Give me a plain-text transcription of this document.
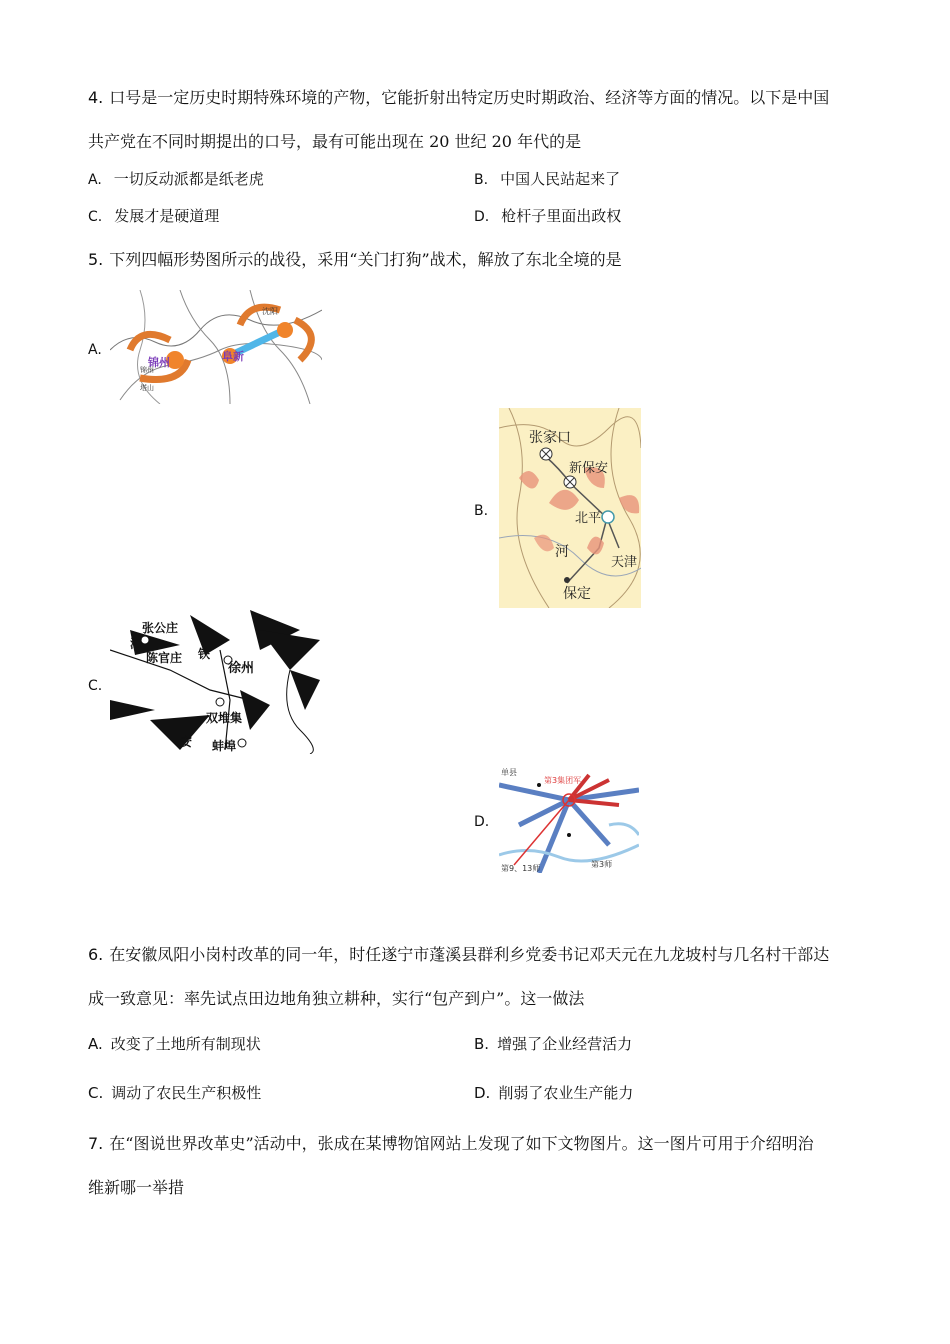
4. 口号是一定历史时期特殊环境的产物，它能折射出特定历史时期政治、经济等方面的情况。以下是中国
共产党在不同时期提出的口号，最有可能出现在 20 世纪 20 年代的是
A. 一切反动派都是纸老虎	B. 中国人民站起来了
C. 发展才是硬道理	D. 枪杆子里面出政权
5. 下列四幅形势图所示的战役，采用“关门打狗”战术，解放了东北全境的是
A.
锦州	阜新
沈阳
锦州
塔山
B.
张家口
新保安
北平
天津
河
保定
C.
张公庄
陈官庄
徐州
双堆集
安 蚌埠
海
铁
D.
单县
第3集团军
第9、13师	第3师
6. 在安徽凤阳小岗村改革的同一年，时任遂宁市蓬溪县群利乡党委书记邓天元在九龙坡村与几名村干部达
成一致意见：率先试点田边地角独立耕种，实行“包产到户”。这一做法
A. 改变了土地所有制现状	B. 增强了企业经营活力
C. 调动了农民生产积极性	D. 削弱了农业生产能力
7. 在“图说世界改革史”活动中，张成在某博物馆网站上发现了如下文物图片。这一图片可用于介绍明治
维新哪一举措
